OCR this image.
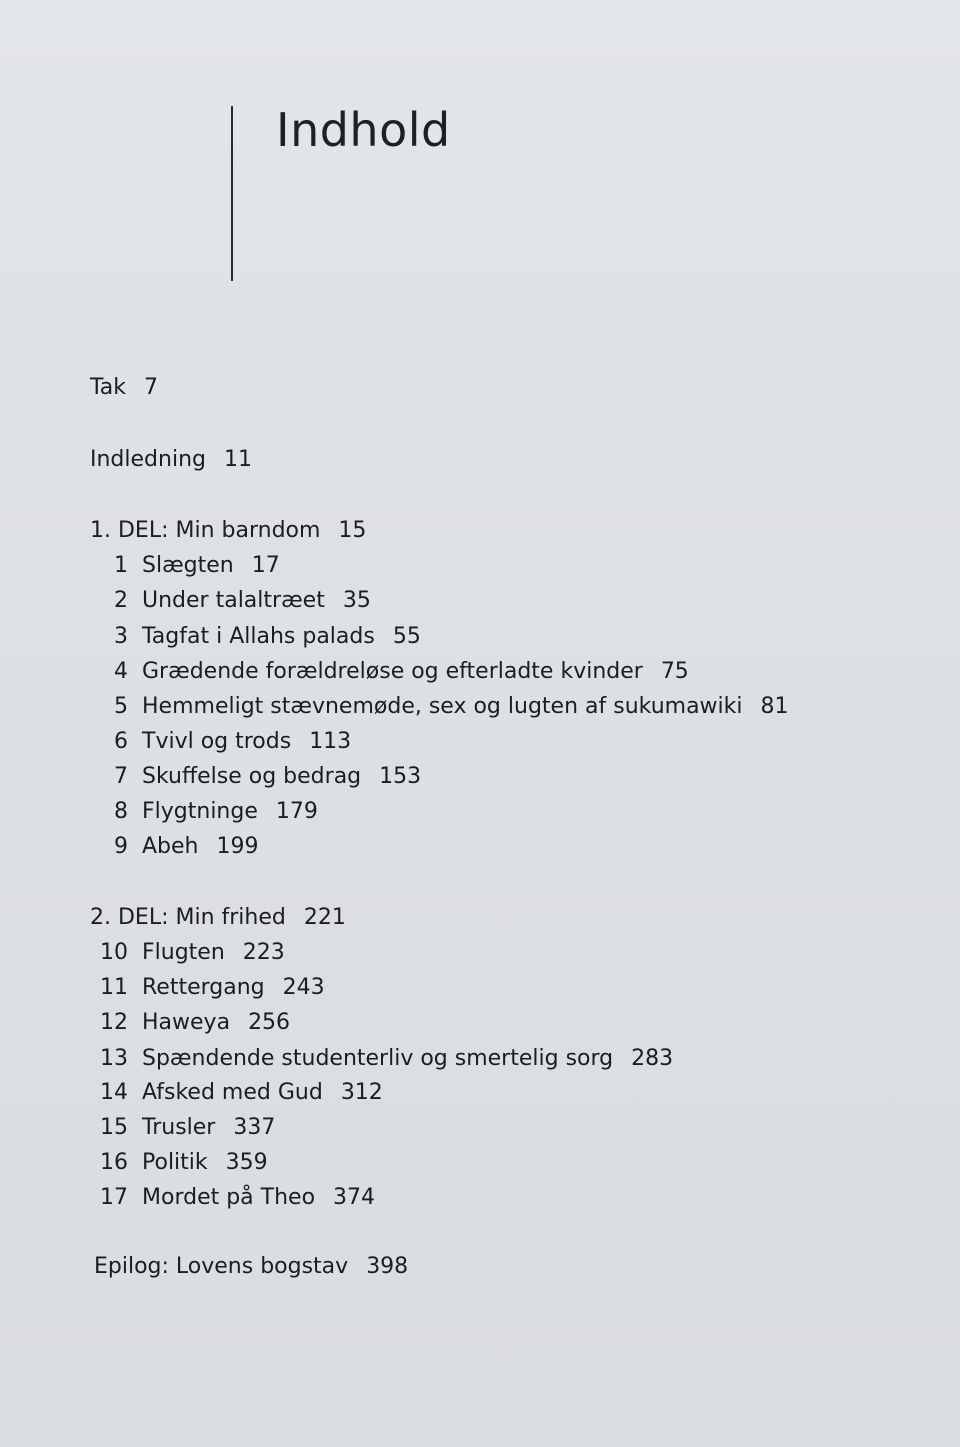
Indhold
Tak 7
Indledning 11
1. DEL: Min barndom 15
1 Slægten 17
2 Under talaltræet 35
3 Tagfat i Allahs palads 55
4 Grædende forældreløse og efterladte kvinder 75
5 Hemmeligt stævnemøde, sex og lugten af sukumawiki 81
6 Tvivl og trods 113
7 Skuffelse og bedrag 153
8 Flygtninge 179
9 Abeh 199
2. DEL: Min frihed 221
10 Flugten 223
11 Rettergang 243
12 Haweya 256
13 Spændende studenterliv og smertelig sorg 283
14 Afsked med Gud 312
15 Trusler 337
16 Politik 359
17 Mordet på Theo 374
Epilog: Lovens bogstav 398
